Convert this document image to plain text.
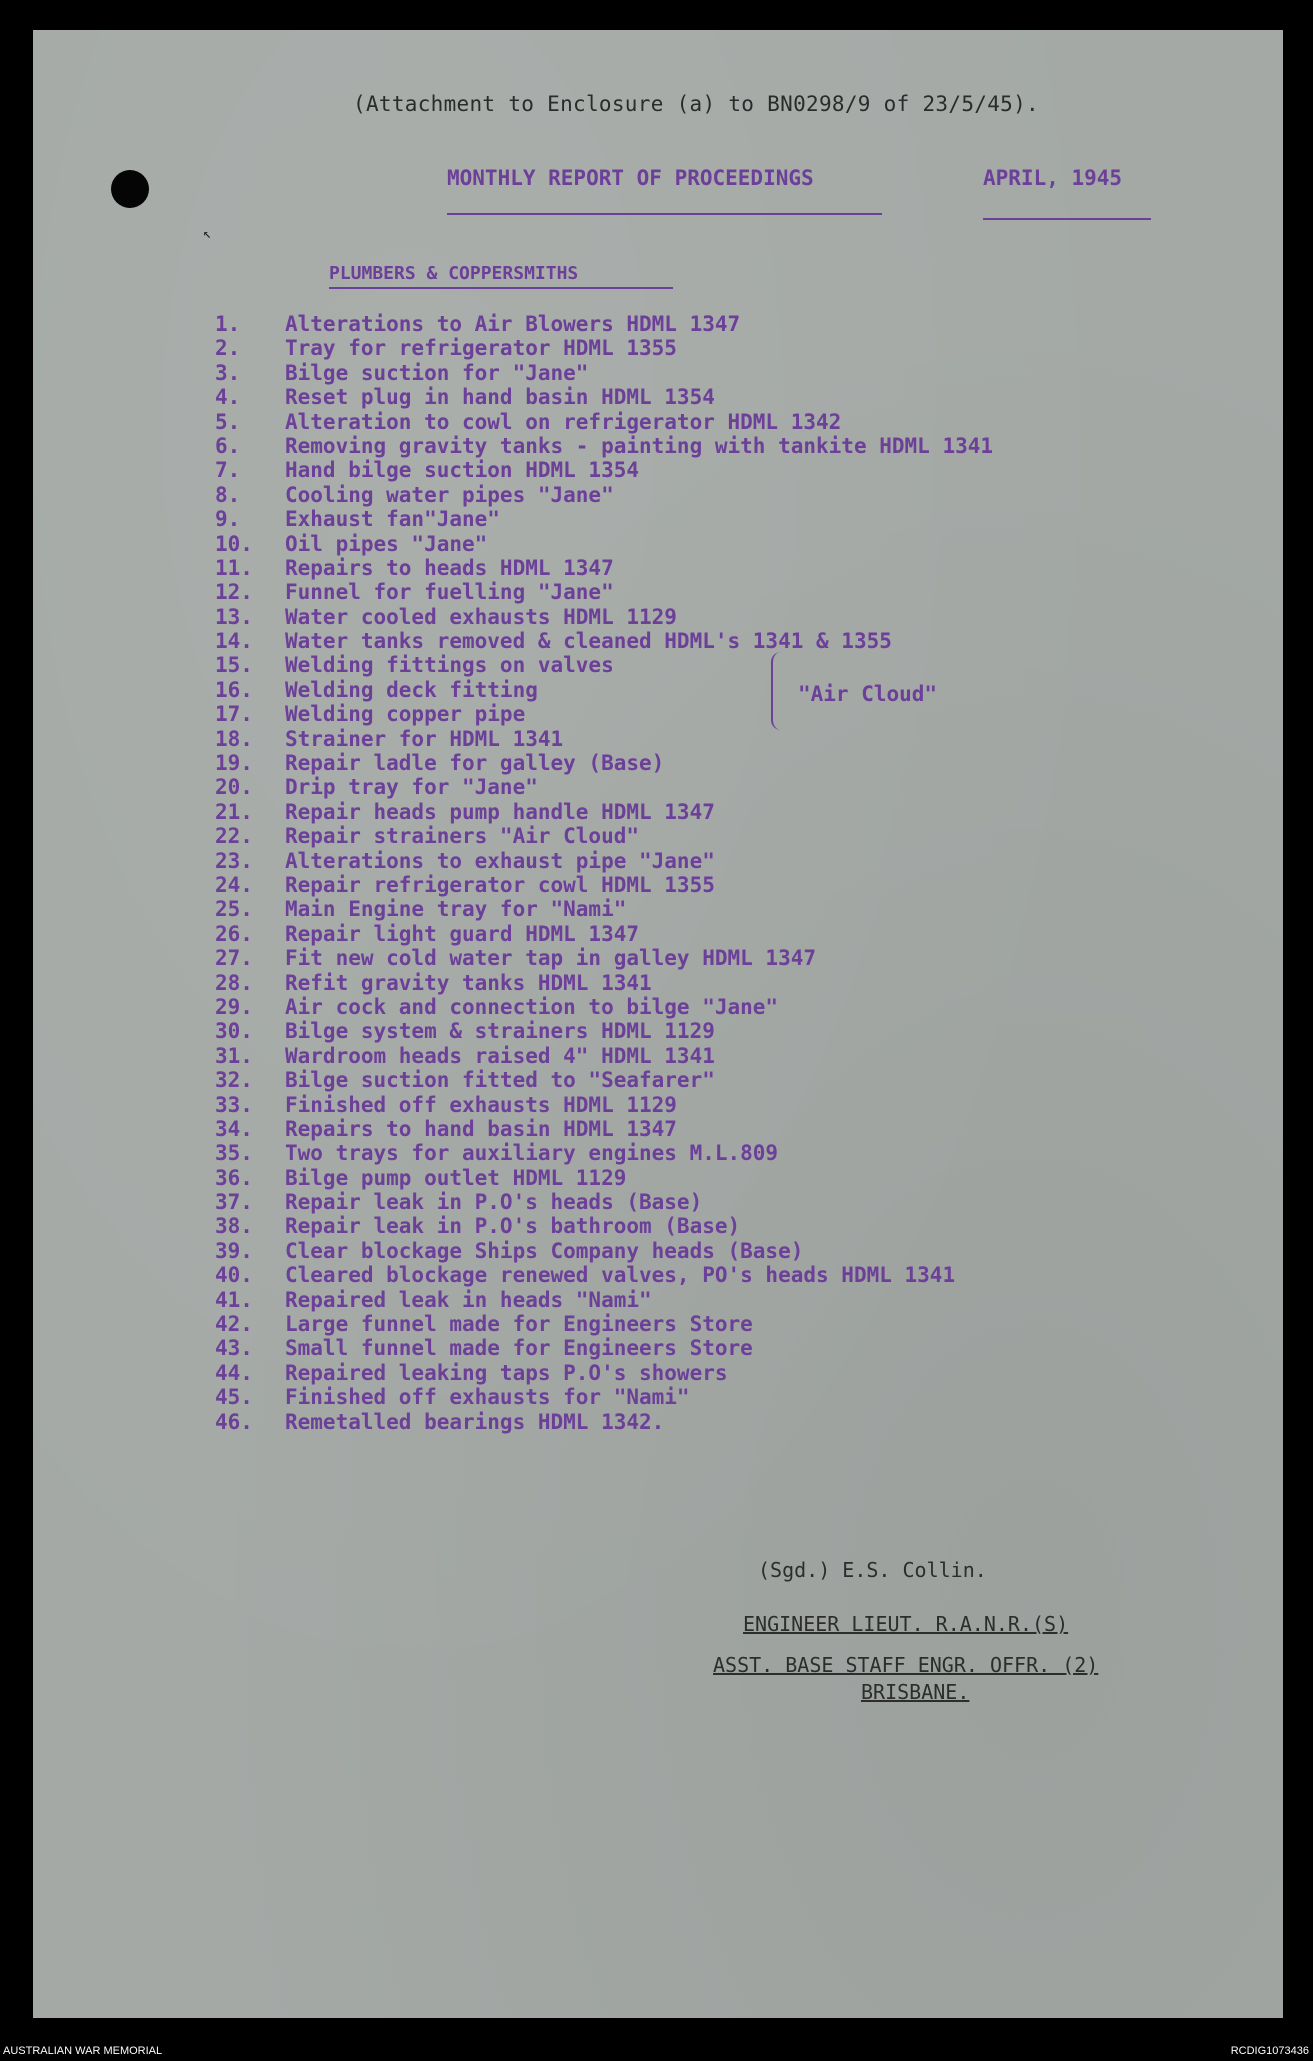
↖
(Attachment to Enclosure (a) to BN0298/9 of 23/5/45).
MONTHLY REPORT OF PROCEEDINGS	APRIL, 1945
PLUMBERS & COPPERSMITHS
1. Alterations to Air Blowers HDML 1347
2. Tray for refrigerator HDML 1355
3. Bilge suction for "Jane"
4. Reset plug in hand basin HDML 1354
5. Alteration to cowl on refrigerator HDML 1342
6. Removing gravity tanks - painting with tankite HDML 1341
7. Hand bilge suction HDML 1354
8. Cooling water pipes "Jane"
9. Exhaust fan"Jane"
10. Oil pipes "Jane"
11. Repairs to heads HDML 1347
12. Funnel for fuelling "Jane"
13. Water cooled exhausts HDML 1129
14. Water tanks removed & cleaned HDML's 1341 & 1355
15. Welding fittings on valves
16. Welding deck fitting
17. Welding copper pipe
18. Strainer for HDML 1341
19. Repair ladle for galley (Base)
20. Drip tray for "Jane"
21. Repair heads pump handle HDML 1347
22. Repair strainers "Air Cloud"
23. Alterations to exhaust pipe "Jane"
24. Repair refrigerator cowl HDML 1355
25. Main Engine tray for "Nami"
26. Repair light guard HDML 1347
27. Fit new cold water tap in galley HDML 1347
28. Refit gravity tanks HDML 1341
29. Air cock and connection to bilge "Jane"
30. Bilge system & strainers HDML 1129
31. Wardroom heads raised 4" HDML 1341
32. Bilge suction fitted to "Seafarer"
33. Finished off exhausts HDML 1129
34. Repairs to hand basin HDML 1347
35. Two trays for auxiliary engines M.L.809
36. Bilge pump outlet HDML 1129
37. Repair leak in P.O's heads (Base)
38. Repair leak in P.O's bathroom (Base)
39. Clear blockage Ships Company heads (Base)
40. Cleared blockage renewed valves, PO's heads HDML 1341
41. Repaired leak in heads "Nami"
42. Large funnel made for Engineers Store
43. Small funnel made for Engineers Store
44. Repaired leaking taps P.O's showers
45. Finished off exhausts for "Nami"
46. Remetalled bearings HDML 1342.
"Air Cloud"
(Sgd.) E.S. Collin.
ENGINEER LIEUT. R.A.N.R.(S)
ASST. BASE STAFF ENGR. OFFR. (2)
BRISBANE.
AUSTRALIAN WAR MEMORIAL	RCDIG1073436
